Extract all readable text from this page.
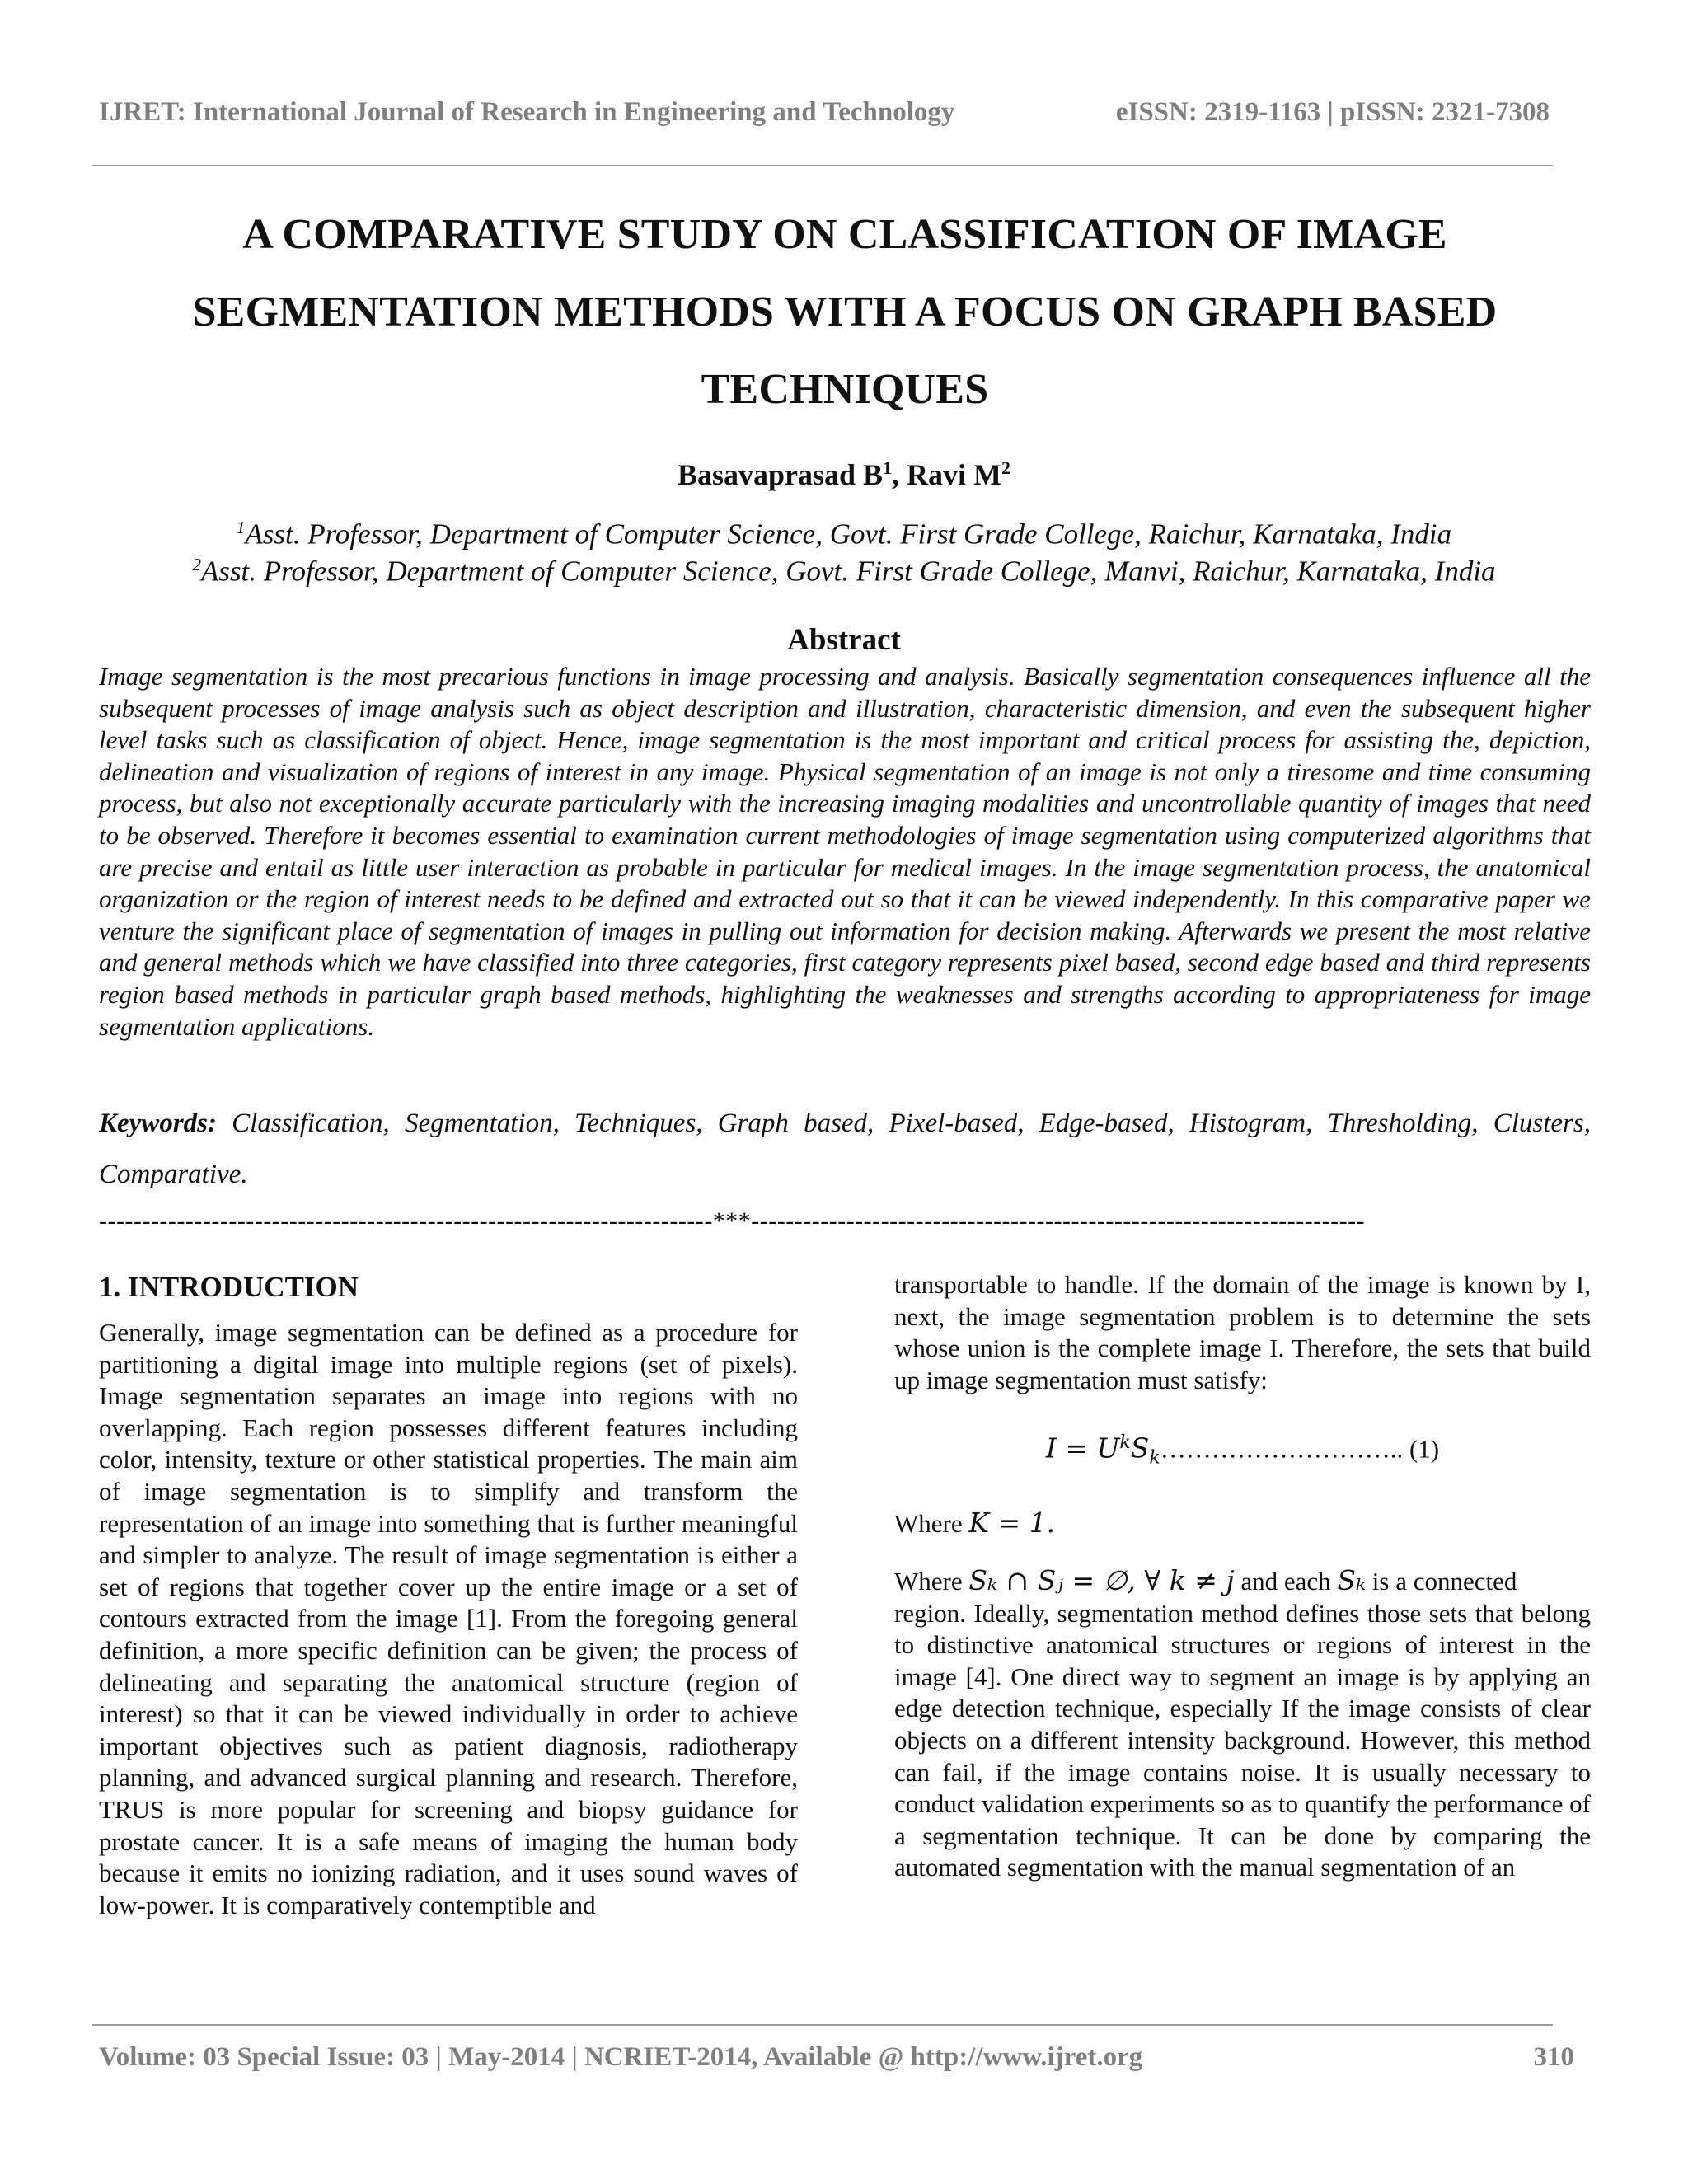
IJRET: International Journal of Research in Engineering and Technology	eISSN: 2319-1163 | pISSN: 2321-7308
A COMPARATIVE STUDY ON CLASSIFICATION OF IMAGE
SEGMENTATION METHODS WITH A FOCUS ON GRAPH BASED
TECHNIQUES
Basavaprasad $B^1$, Ravi $M^2$
$^1$Asst. Professor, Department of Computer Science, Govt. First Grade College, Raichur, Karnataka, India
$^2$Asst. Professor, Department of Computer Science, Govt. First Grade College, Manvi, Raichur, Karnataka, India
Abstract
Image segmentation is the most precarious functions in image processing and analysis. Basically segmentation consequences influence all the subsequent processes of image analysis such as object description and illustration, characteristic dimension, and even the subsequent higher level tasks such as classification of object. Hence, image segmentation is the most important and critical process for assisting the, depiction, delineation and visualization of regions of interest in any image. Physical segmentation of an image is not only a tiresome and time consuming process, but also not exceptionally accurate particularly with the increasing imaging modalities and uncontrollable quantity of images that need to be observed. Therefore it becomes essential to examination current methodologies of image segmentation using computerized algorithms that are precise and entail as little user interaction as probable in particular for medical images. In the image segmentation process, the anatomical organization or the region of interest needs to be defined and extracted out so that it can be viewed independently. In this comparative paper we venture the significant place of segmentation of images in pulling out information for decision making. Afterwards we present the most relative and general methods which we have classified into three categories, first category represents pixel based, second edge based and third represents region based methods in particular graph based methods, highlighting the weaknesses and strengths according to appropriateness for image segmentation applications.
Keywords: Classification, Segmentation, Techniques, Graph based, Pixel-based, Edge-based, Histogram, Thresholding, Clusters, Comparative.
-----------------------------------------------------------------------***-----------------------------------------------------------------------
1. INTRODUCTION

Generally, image segmentation can be defined as a procedure for partitioning a digital image into multiple regions (set of pixels). Image segmentation separates an image into regions with no overlapping. Each region possesses different features including color, intensity, texture or other statistical properties. The main aim of image segmentation is to simplify and transform the representation of an image into something that is further meaningful and simpler to analyze. The result of image segmentation is either a set of regions that together cover up the entire image or a set of contours extracted from the image [1]. From the foregoing general definition, a more specific definition can be given; the process of delineating and separating the anatomical structure (region of interest) so that it can be viewed individually in order to achieve important objectives such as patient diagnosis, radiotherapy planning, and advanced surgical planning and research. Therefore, TRUS is more popular for screening and biopsy guidance for prostate cancer. It is a safe means of imaging the human body because it emits no ionizing radiation, and it uses sound waves of low-power. It is comparatively contemptible and

transportable to handle. If the domain of the image is known by I, next, the image segmentation problem is to determine the sets whose union is the complete image I. Therefore, the sets that build up image segmentation must satisfy:

$I = U^kS_k\dots\dots\dots\dots\dots\dots\dots\dots\dots$.. (1)

Where K = 1.

Where Sₖ ∩ Sⱼ = ∅, ∀ k ≠ j and each Sₖ is a connected

region. Ideally, segmentation method defines those sets that belong to distinctive anatomical structures or regions of interest in the image [4]. One direct way to segment an image is by applying an edge detection technique, especially If the image consists of clear objects on a different intensity background. However, this method can fail, if the image contains noise. It is usually necessary to conduct validation experiments so as to quantify the performance of a segmentation technique. It can be done by comparing the automated segmentation with the manual segmentation of an

Volume: 03 Special Issue: 03 | May-2014 | NCRIET-2014, Available @ http://www.ijret.org	310
